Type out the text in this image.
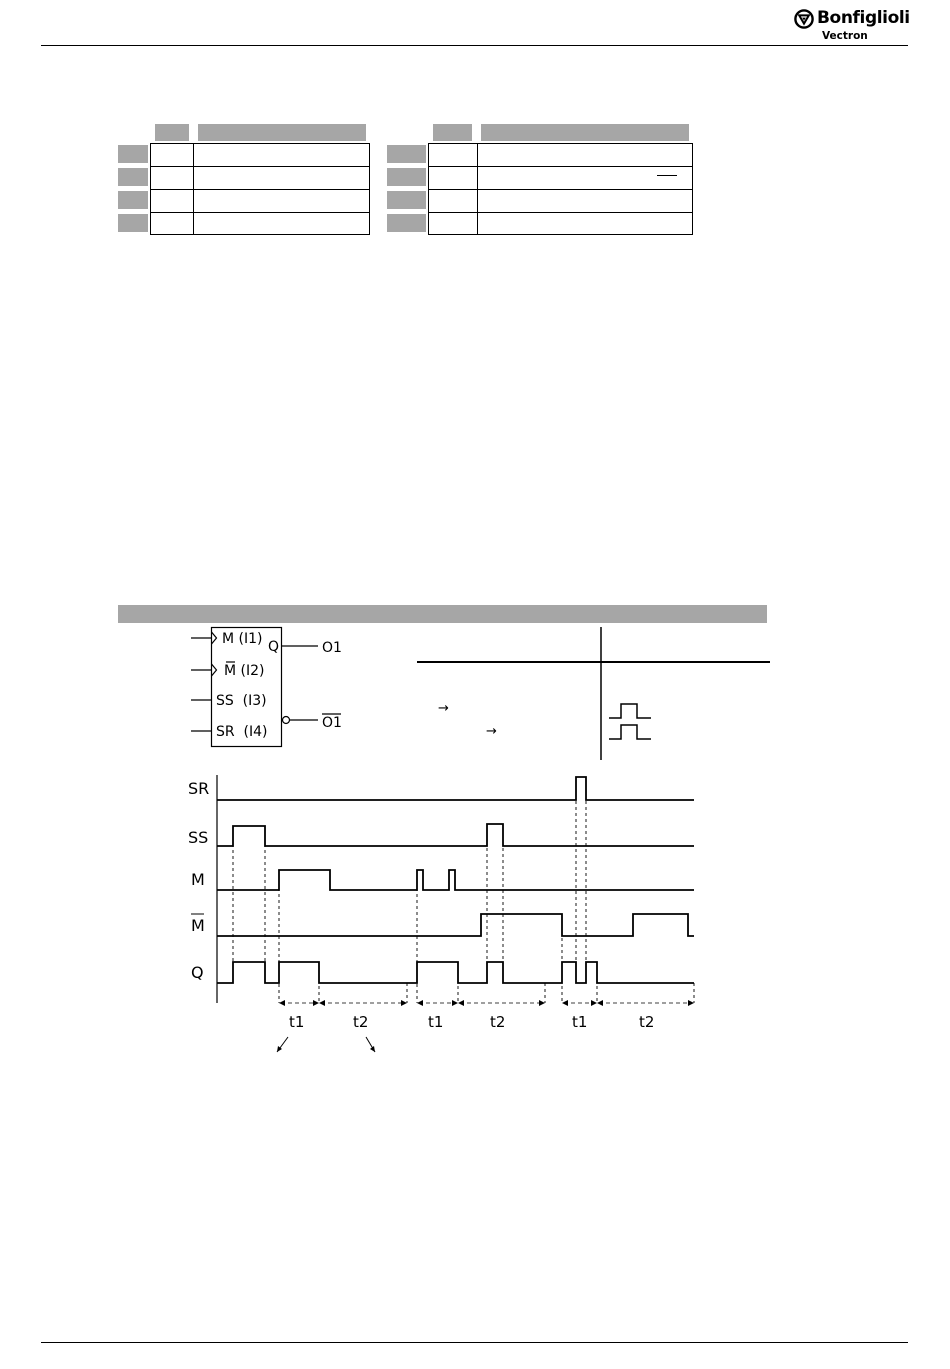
Bonfiglioli
Vectron
M (I1)
M (I2)
SS  (I3)
SR  (I4)
Q	O1
O1
→
→
SR
SS
M
M
Q
t1	t2	t1	t2	t1	t2
